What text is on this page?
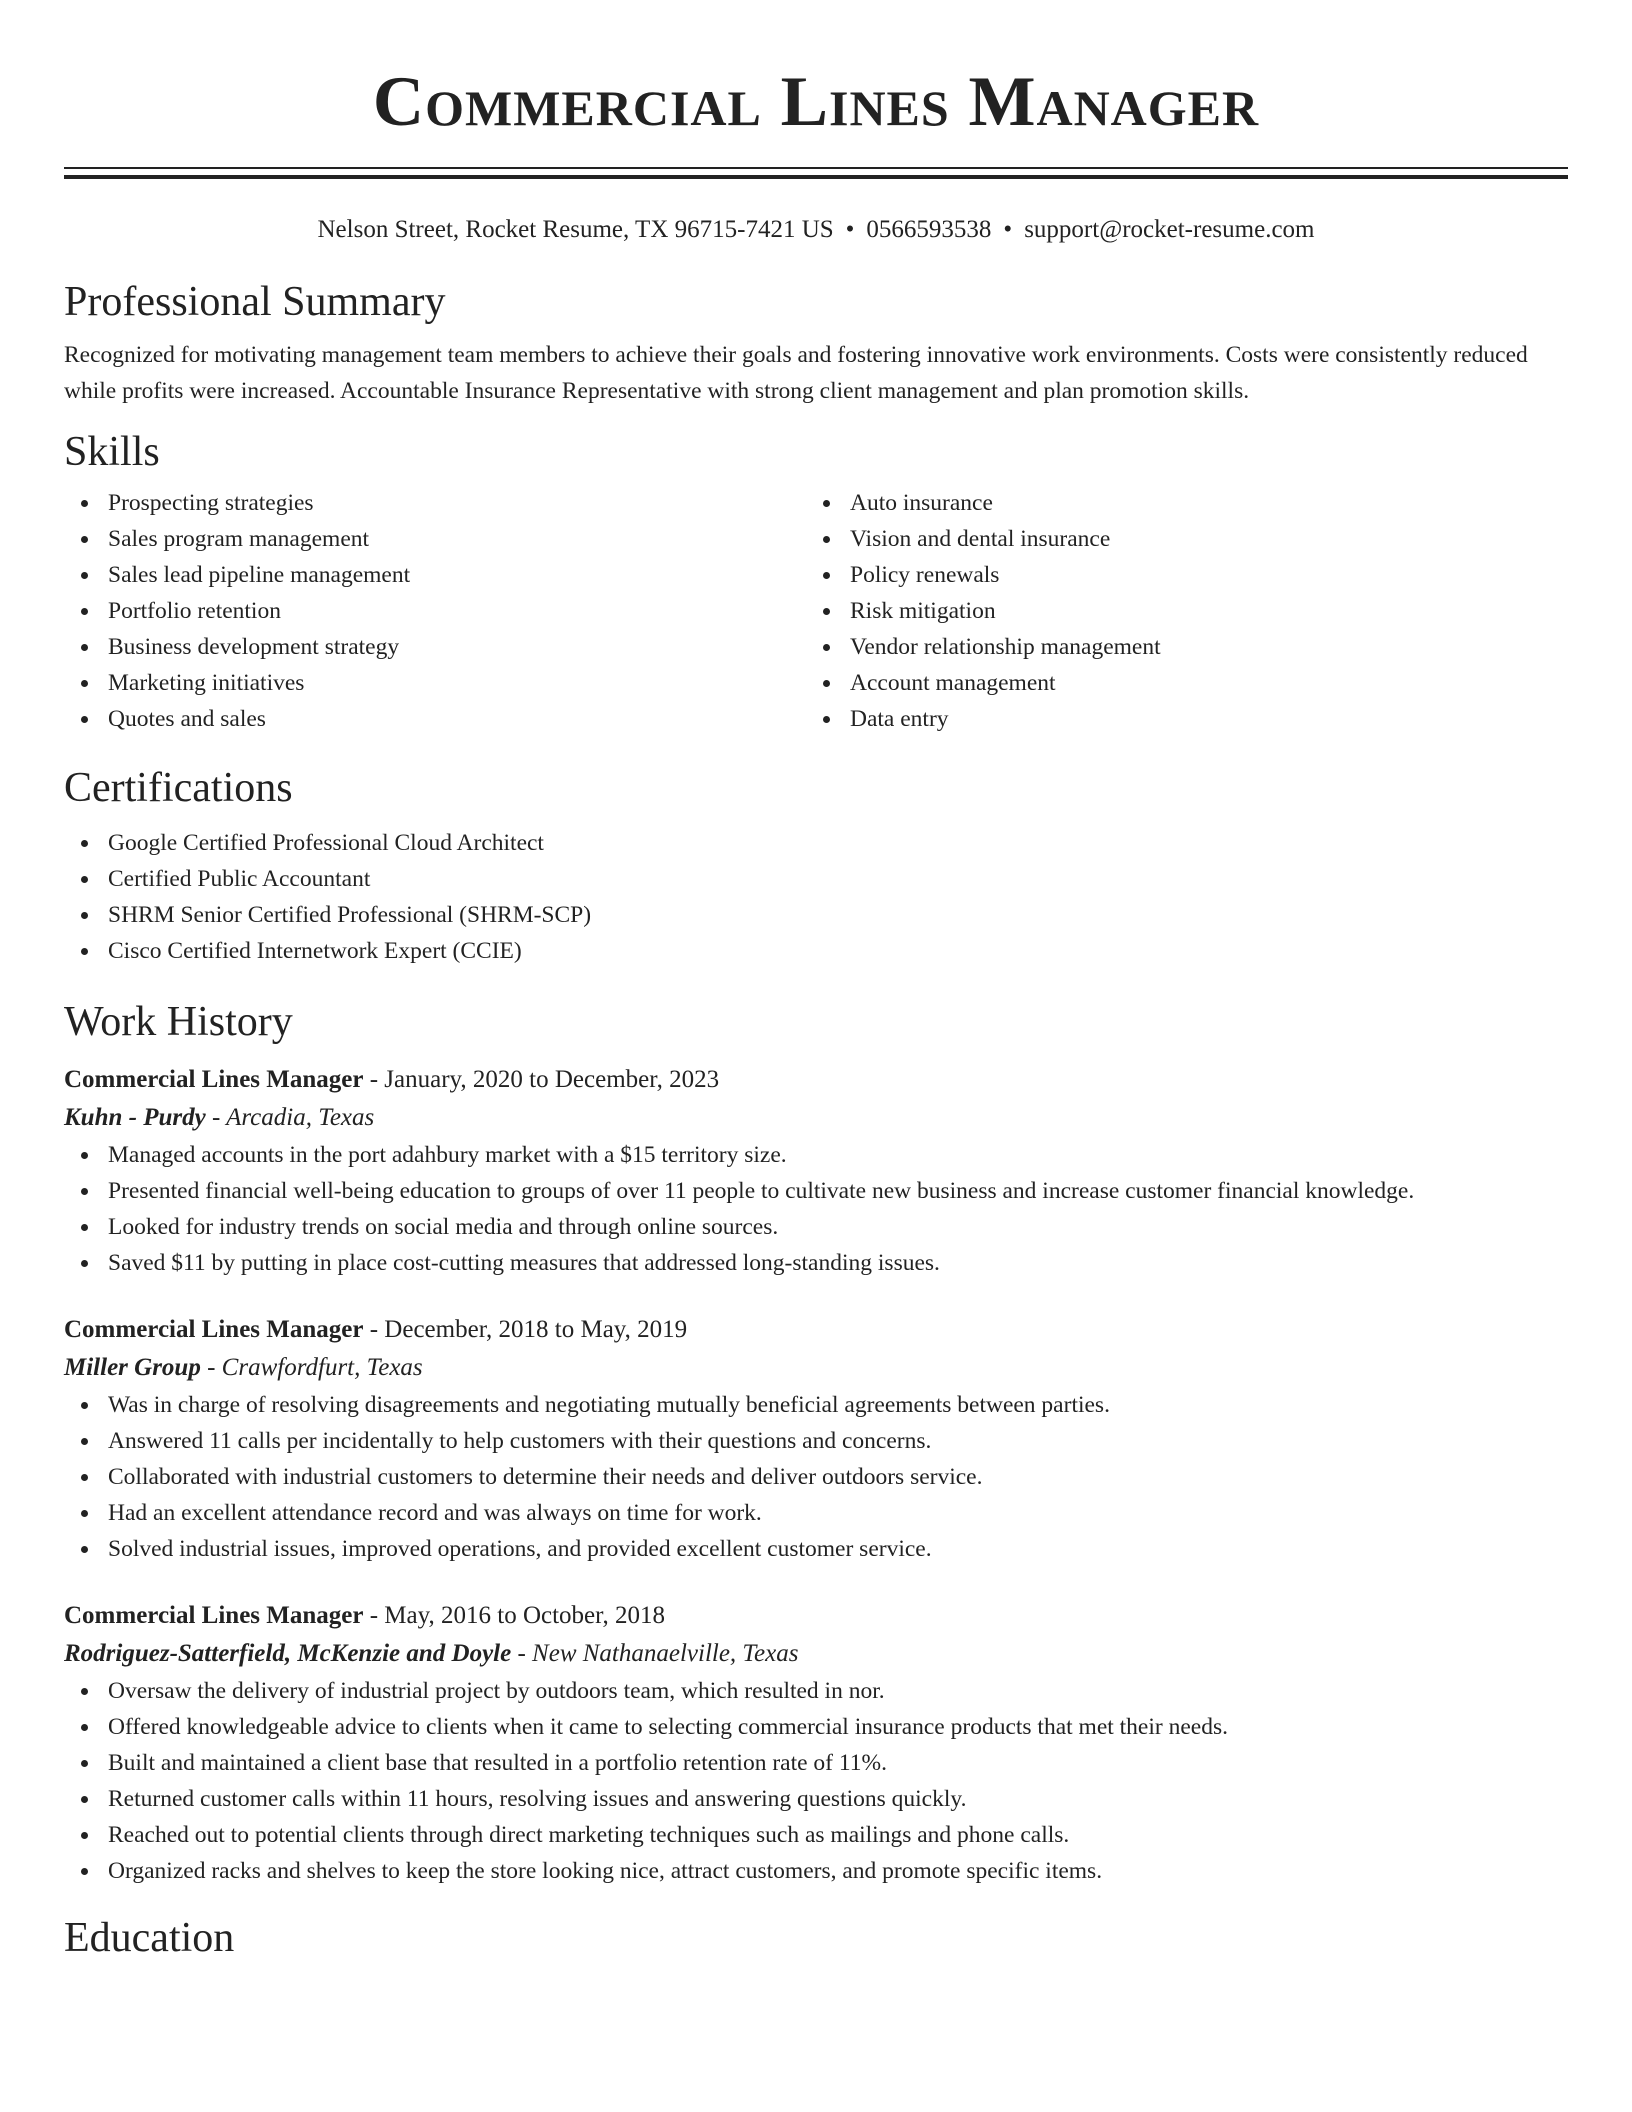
Commercial Lines Manager
Nelson Street, Rocket Resume, TX 96715-7421 US • 0566593538 • support@rocket-resume.com
Professional Summary

Recognized for motivating management team members to achieve their goals and fostering innovative work environments. Costs were consistently reduced while profits were increased. Accountable Insurance Representative with strong client management and plan promotion skills.

Skills
Prospecting strategies
Sales program management
Sales lead pipeline management
Portfolio retention
Business development strategy
Marketing initiatives
Quotes and sales
Auto insurance
Vision and dental insurance
Policy renewals
Risk mitigation
Vendor relationship management
Account management
Data entry
Certifications
Google Certified Professional Cloud Architect
Certified Public Accountant
SHRM Senior Certified Professional (SHRM-SCP)
Cisco Certified Internetwork Expert (CCIE)
Work History
Commercial Lines Manager - January, 2020 to December, 2023
Kuhn - Purdy - Arcadia, Texas
Managed accounts in the port adahbury market with a $15 territory size.
Presented financial well-being education to groups of over 11 people to cultivate new business and increase customer financial knowledge.
Looked for industry trends on social media and through online sources.
Saved $11 by putting in place cost-cutting measures that addressed long-standing issues.
Commercial Lines Manager - December, 2018 to May, 2019
Miller Group - Crawfordfurt, Texas
Was in charge of resolving disagreements and negotiating mutually beneficial agreements between parties.
Answered 11 calls per incidentally to help customers with their questions and concerns.
Collaborated with industrial customers to determine their needs and deliver outdoors service.
Had an excellent attendance record and was always on time for work.
Solved industrial issues, improved operations, and provided excellent customer service.
Commercial Lines Manager - May, 2016 to October, 2018
Rodriguez-Satterfield, McKenzie and Doyle - New Nathanaelville, Texas
Oversaw the delivery of industrial project by outdoors team, which resulted in nor.
Offered knowledgeable advice to clients when it came to selecting commercial insurance products that met their needs.
Built and maintained a client base that resulted in a portfolio retention rate of 11%.
Returned customer calls within 11 hours, resolving issues and answering questions quickly.
Reached out to potential clients through direct marketing techniques such as mailings and phone calls.
Organized racks and shelves to keep the store looking nice, attract customers, and promote specific items.
Education
